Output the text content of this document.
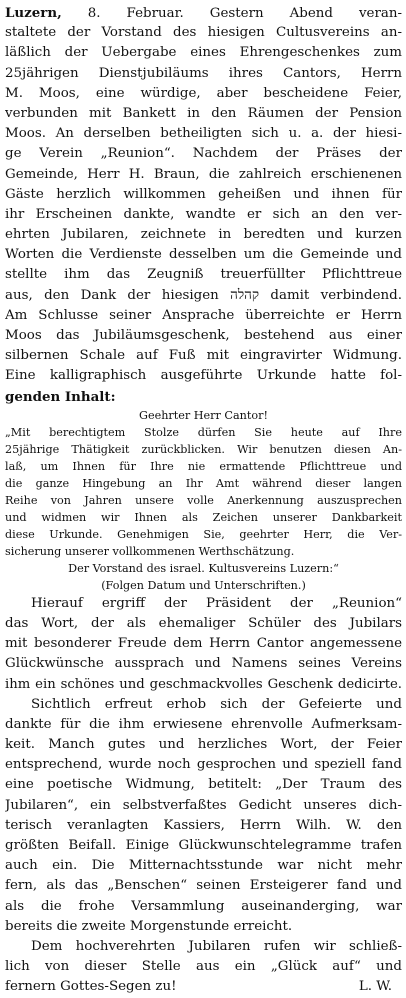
Luzern, 8. Februar. Gestern Abend veran-
staltete der Vorstand des hiesigen Cultusvereins an-
läßlich der Uebergabe eines Ehrengeschenkes zum
25jährigen Dienstjubiläums ihres Cantors, Herrn
M. Moos, eine würdige, aber bescheidene Feier,
verbunden mit Bankett in den Räumen der Pension
Moos. An derselben betheiligten sich u. a. der hiesi-
ge Verein „Reunion“. Nachdem der Präses der
Gemeinde, Herr H. Braun, die zahlreich erschienenen
Gäste herzlich willkommen geheißen und ihnen für
ihr Erscheinen dankte, wandte er sich an den ver-
ehrten Jubilaren, zeichnete in beredten und kurzen
Worten die Verdienste desselben um die Gemeinde und
stellte ihm das Zeugniß treuerfüllter Pflichttreue
aus, den Dank der hiesigen קהלה damit verbindend.
Am Schlusse seiner Ansprache überreichte er Herrn
Moos das Jubiläumsgeschenk, bestehend aus einer
silbernen Schale auf Fuß mit eingravirter Widmung.
Eine kalligraphisch ausgeführte Urkunde hatte fol-
genden Inhalt:
Geehrter Herr Cantor!
„Mit berechtigtem Stolze dürfen Sie heute auf Ihre
25jährige Thätigkeit zurückblicken. Wir benutzen diesen An-
laß, um Ihnen für Ihre nie ermattende Pflichttreue und
die ganze Hingebung an Ihr Amt während dieser langen
Reihe von Jahren unsere volle Anerkennung auszusprechen
und widmen wir Ihnen als Zeichen unserer Dankbarkeit
diese Urkunde. Genehmigen Sie, geehrter Herr, die Ver-
sicherung unserer vollkommenen Werthschätzung.
Der Vorstand des israel. Kultusvereins Luzern:“
(Folgen Datum und Unterschriften.)
Hierauf ergriff der Präsident der „Reunion“
das Wort, der als ehemaliger Schüler des Jubilars
mit besonderer Freude dem Herrn Cantor angemessene
Glückwünsche aussprach und Namens seines Vereins
ihm ein schönes und geschmackvolles Geschenk dedicirte.
Sichtlich erfreut erhob sich der Gefeierte und
dankte für die ihm erwiesene ehrenvolle Aufmerksam-
keit. Manch gutes und herzliches Wort, der Feier
entsprechend, wurde noch gesprochen und speziell fand
eine poetische Widmung, betitelt: „Der Traum des
Jubilaren“, ein selbstverfaßtes Gedicht unseres dich-
terisch veranlagten Kassiers, Herrn Wilh. W. den
größten Beifall. Einige Glückwunschtelegramme trafen
auch ein. Die Mitternachtsstunde war nicht mehr
fern, als das „Benschen“ seinen Ersteigerer fand und
als die frohe Versammlung auseinanderging, war
bereits die zweite Morgenstunde erreicht.
Dem hochverehrten Jubilaren rufen wir schließ-
lich von dieser Stelle aus ein „Glück auf“ und
fernern Gottes-Segen zu!	L. W.
